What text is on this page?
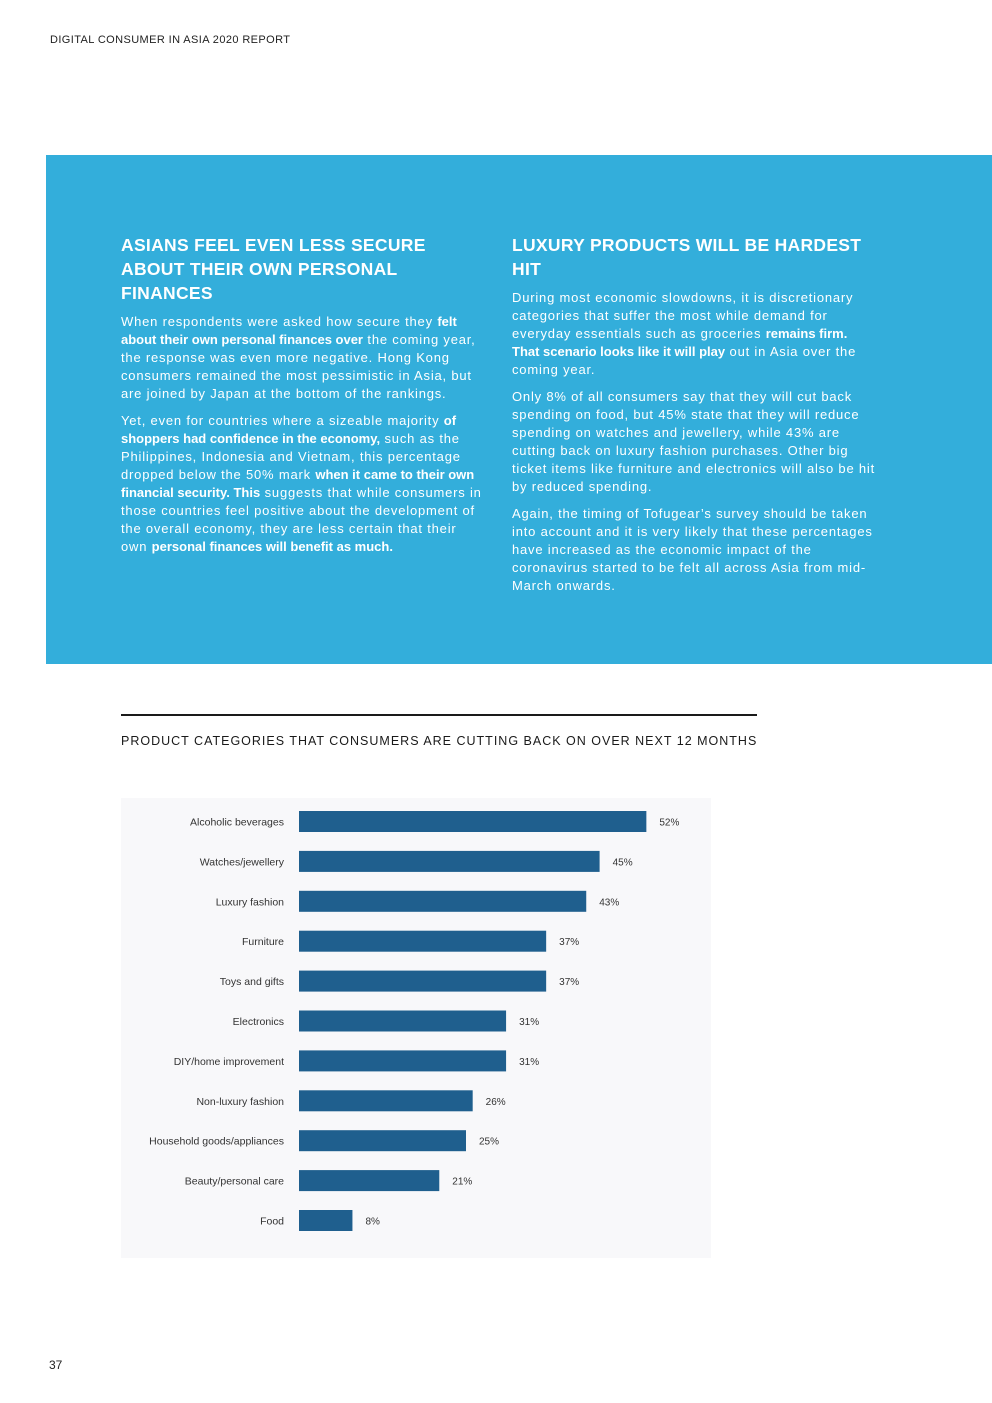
DIGITAL CONSUMER IN ASIA 2020 REPORT
ASIANS FEEL EVEN LESS SECURE ABOUT THEIR OWN PERSONAL FINANCES

When respondents were asked how secure they felt about their own personal finances over the coming year, the response was even more negative. Hong Kong consumers remained the most pessimistic in Asia, but are joined by Japan at the bottom of the rankings.

Yet, even for countries where a sizeable majority of shoppers had confidence in the economy, such as the Philippines, Indonesia and Vietnam, this percentage dropped below the 50% mark when it came to their own financial security. This suggests that while consumers in those countries feel positive about the development of the overall economy, they are less certain that their own personal finances will benefit as much.

LUXURY PRODUCTS WILL BE HARDEST HIT

During most economic slowdowns, it is discretionary categories that suffer the most while demand for everyday essentials such as groceries remains firm. That scenario looks like it will play out in Asia over the coming year.

Only 8% of all consumers say that they will cut back spending on food, but 45% state that they will reduce spending on watches and jewellery, while 43% are cutting back on luxury fashion purchases. Other big ticket items like furniture and electronics will also be hit by reduced spending.

Again, the timing of Tofugear’s survey should be taken into account and it is very likely that these percentages have increased as the economic impact of the coronavirus started to be felt all across Asia from mid-March onwards.

PRODUCT CATEGORIES THAT CONSUMERS ARE CUTTING BACK ON OVER NEXT 12 MONTHS
Alcoholic beverages	52%
Watches/jewellery	45%
Luxury fashion	43%
Furniture	37%
Toys and gifts	37%
Electronics	31%
DIY/home improvement	31%
Non-luxury fashion	26%
Household goods/appliances	25%
Beauty/personal care	21%
Food	8%
37
